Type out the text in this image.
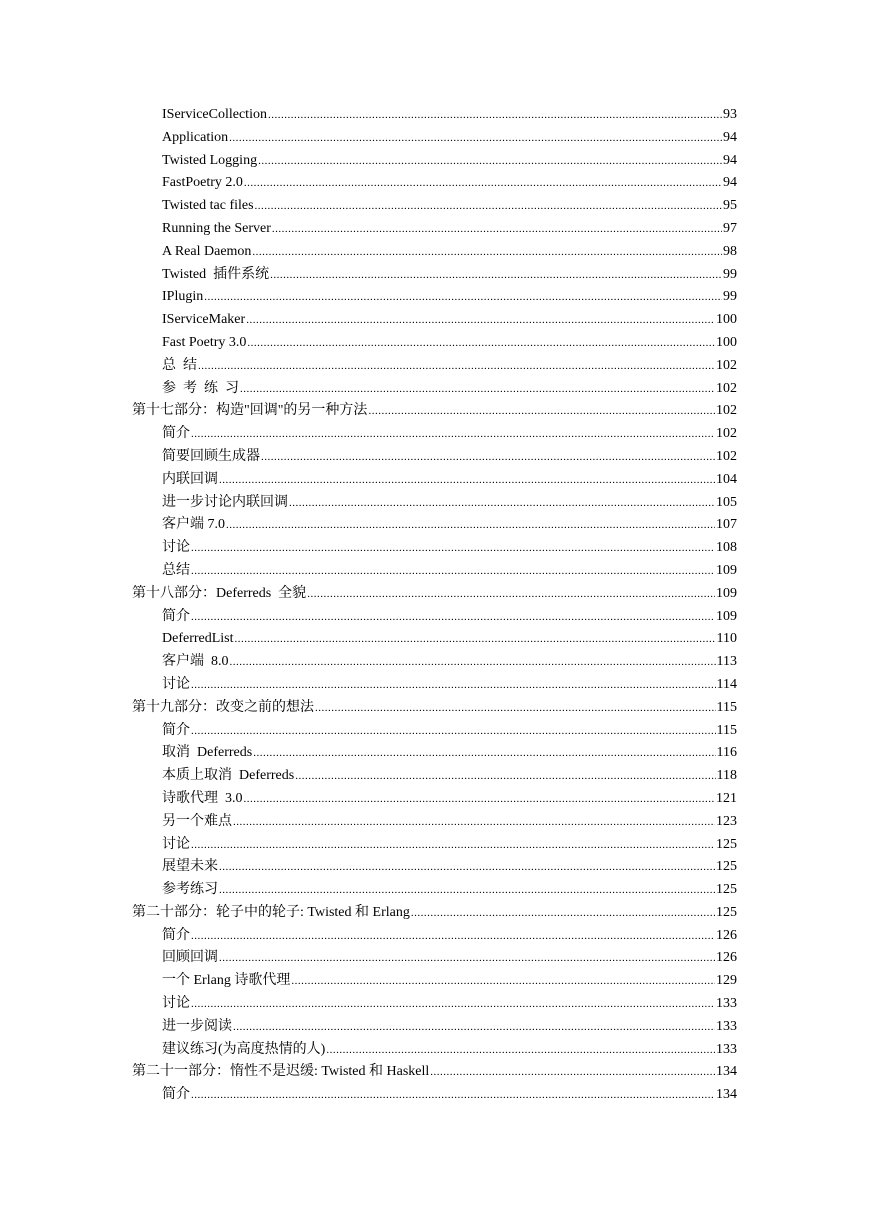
IServiceCollection .....	93
Application .....	94
Twisted Logging .....	94
FastPoetry 2.0 .....	94
Twisted tac files .....	95
Running the Server .....	97
A Real Daemon .....	98
Twisted  插件系统 .....	99
IPlugin .....	99
IServiceMaker .....	100
Fast Poetry 3.0 .....	100
总  结 .....	102
参  考  练  习 .....	102
第十七部分：构造"回调"的另一种方法 .....	102
简介 .....	102
简要回顾生成器 .....	102
内联回调 .....	104
进一步讨论内联回调 .....	105
客户端 7.0 .....	107
讨论 .....	108
总结 .....	109
第十八部分：Deferreds  全貌 .....	109
简介 .....	109
DeferredList .....	110
客户端  8.0 .....	113
讨论 .....	114
第十九部分：改变之前的想法 .....	115
简介 .....	115
取消  Deferreds .....	116
本质上取消  Deferreds .....	118
诗歌代理  3.0 .....	121
另一个难点 .....	123
讨论 .....	125
展望未来 .....	125
参考练习 .....	125
第二十部分：轮子中的轮子: Twisted 和 Erlang .....	125
简介 .....	126
回顾回调 .....	126
一个 Erlang 诗歌代理 .....	129
讨论 .....	133
进一步阅读 .....	133
建议练习(为高度热情的人) .....	133
第二十一部分：惰性不是迟缓: Twisted 和 Haskell .....	134
简介 .....	134
